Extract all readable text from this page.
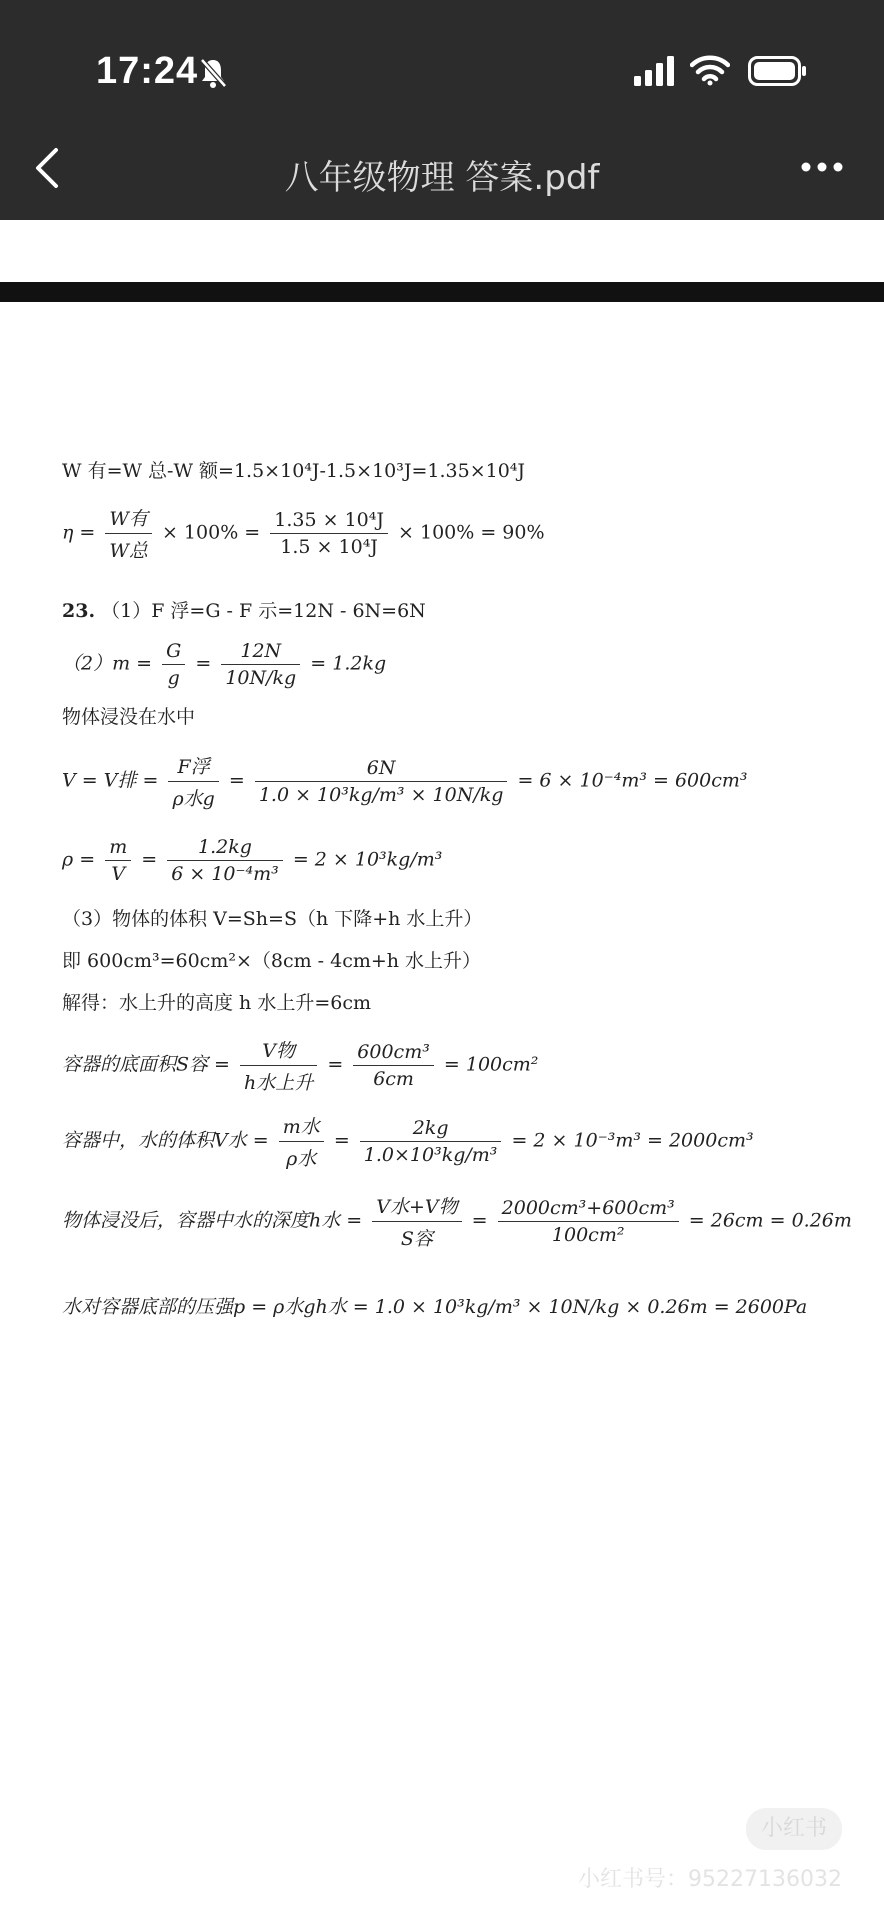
17:24
八年级物理 答案.pdf
W 有=W 总-W 额=1.5×10⁴J-1.5×10³J=1.35×10⁴J
$\eta = \frac{\text{W有}}{\text{W总}} \times 100\% = \frac{\text{1.35 × 10⁴J}}{\text{1.5 × 10⁴J}} \times 100\% = 90\%$
23. （1）F 浮=G - F 示=12N - 6N=6N
$(2)m = \frac{G}{g} = \frac{12N}{10N/kg} = 1.2kg$
物体浸没在水中
V = V排 = $\frac{\text{F浮}}{\text{ρ水g}} = \frac{6N}{\text{1.0 × 10³kg/m³ × 10N/kg}} = 6 \times 10^{-4}m^3 = 600cm^3$
$\rho = \frac{m}{V} = \frac{1.2kg}{\text{6 × 10⁻⁴m³}} = 2 \times 10^3kg/m^3$
（3）物体的体积 V=Sh=S（h 下降+h 水上升）
即 600cm³=60cm²×（8cm - 4cm+h 水上升）
解得：水上升的高度 h 水上升=6cm
容器的底面积S容 = $\frac{\text{V物}}{\text{h水上升}} = \frac{\text{600cm³}}{6cm} = 100cm^2$
容器中，水的体积V水 = $\frac{\text{m水}}{\text{ρ水}} = \frac{2kg}{\text{1.0×10³kg/m³}} = 2 \times 10^{-3}m^3 = 2000cm^3$
物体浸没后，容器中水的深度h水 = $\frac{\text{V水+V物}}{\text{S容}} = \frac{\text{2000cm³+600cm³}}{\text{100cm²}} = 26cm = 0.26m$
水对容器底部的压强p = ρ水gh水 = 1.0 × 10³kg/m³ × 10N/kg × 0.26m = 2600Pa
小红书
小红书号：9522713603​2
